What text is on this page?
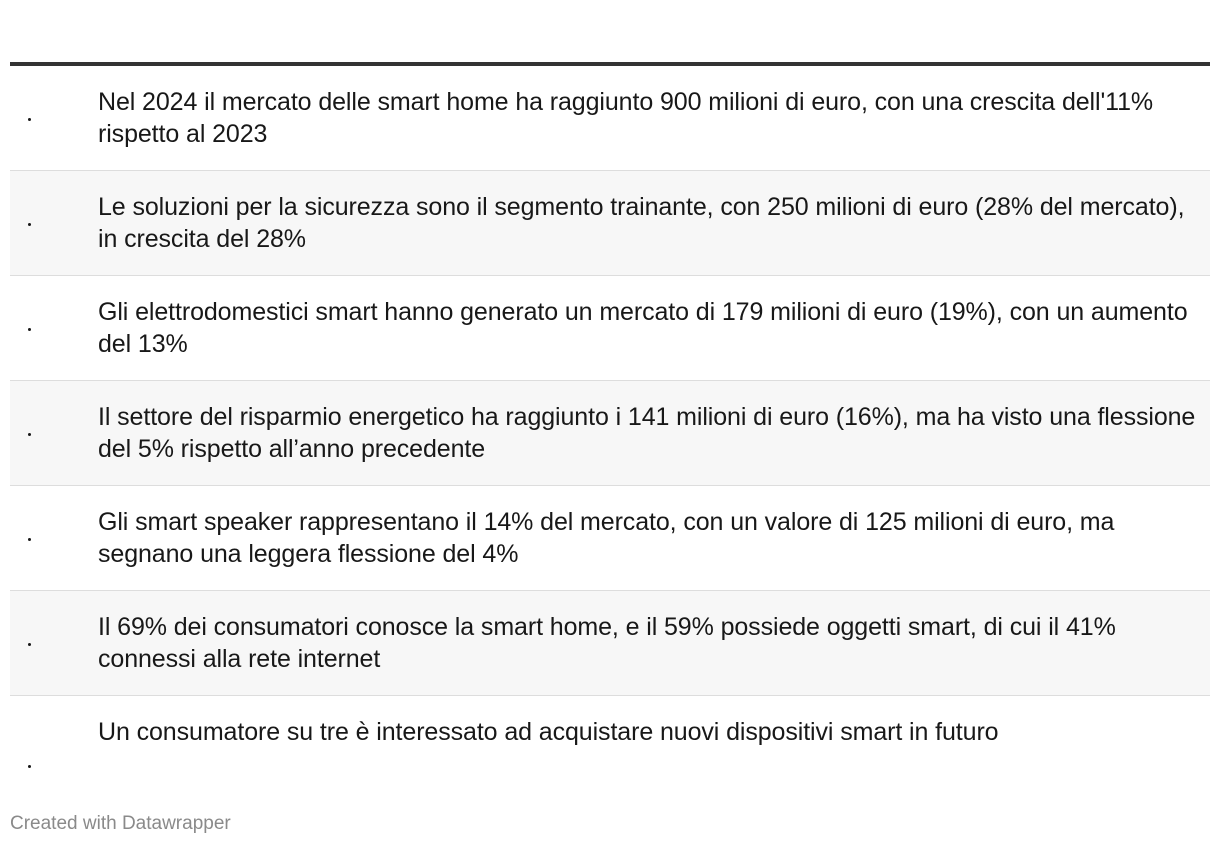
Nel 2024 il mercato delle smart home ha raggiunto 900 milioni di euro, con una crescita dell'11% rispetto al 2023
Le soluzioni per la sicurezza sono il segmento trainante, con 250 milioni di euro (28% del mercato), in crescita del 28%
Gli elettrodomestici smart hanno generato un mercato di 179 milioni di euro (19%), con un aumento del 13%
Il settore del risparmio energetico ha raggiunto i 141 milioni di euro (16%), ma ha visto una flessione del 5% rispetto all’anno precedente
Gli smart speaker rappresentano il 14% del mercato, con un valore di 125 milioni di euro, ma segnano una leggera flessione del 4%
Il 69% dei consumatori conosce la smart home, e il 59% possiede oggetti smart, di cui il 41% connessi alla rete internet
Un consumatore su tre è interessato ad acquistare nuovi dispositivi smart in futuro
Created with Datawrapper
